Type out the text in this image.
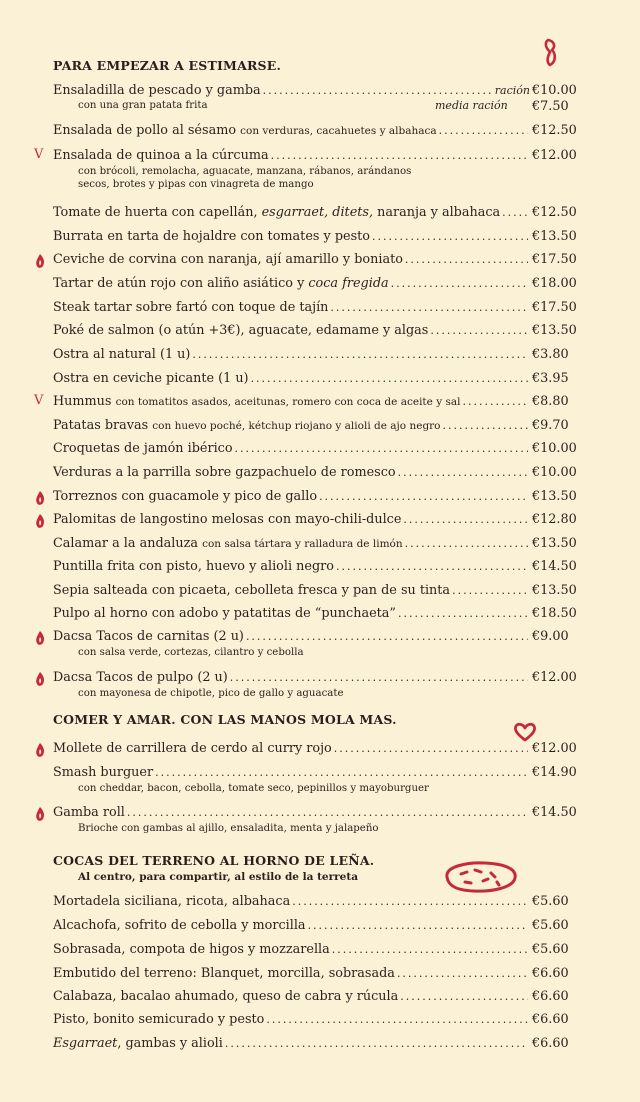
PARA EMPEZAR A ESTIMARSE.
Ensaladilla de pescado y gamba .....	ración €10.00
con una gran patata frita	media ración €7.50
Ensalada de pollo al sésamo con verduras, cacahuetes y albahaca .....	€12.50
V Ensalada de quinoa a la cúrcuma .....	€12.00
con brócoli, remolacha, aguacate, manzana, rábanos, arándanos
secos, brotes y pipas con vinagreta de mango
Tomate de huerta con capellán, esgarraet, ditets, naranja y albahaca ..... €12.50
Burrata en tarta de hojaldre con tomates y pesto .....	€13.50
Ceviche de corvina con naranja, ají amarillo y boniato .....	€17.50
Tartar de atún rojo con aliño asiático y coca fregida .....	€18.00
Steak tartar sobre fartó con toque de tajín .....	€17.50
Poké de salmon (o atún +3€), aguacate, edamame y algas .....	€13.50
Ostra al natural (1 u) .....	€3.80
Ostra en ceviche picante (1 u) .....	€3.95
V Hummus con tomatitos asados, aceitunas, romero con coca de aceite y sal .....	€8.80
Patatas bravas con huevo poché, kétchup riojano y alioli de ajo negro .....	€9.70
Croquetas de jamón ibérico .....	€10.00
Verduras a la parrilla sobre gazpachuelo de romesco .....	€10.00
Torreznos con guacamole y pico de gallo .....	€13.50
Palomitas de langostino melosas con mayo-chili-dulce .....	€12.80
Calamar a la andaluza con salsa tártara y ralladura de limón .....	€13.50
Puntilla frita con pisto, huevo y alioli negro .....	€14.50
Sepia salteada con picaeta, cebolleta fresca y pan de su tinta .....	€13.50
Pulpo al horno con adobo y patatitas de “punchaeta” .....	€18.50
Dacsa Tacos de carnitas (2 u) .....	€9.00
con salsa verde, cortezas, cilantro y cebolla
Dacsa Tacos de pulpo (2 u) .....	€12.00
con mayonesa de chipotle, pico de gallo y aguacate
COMER Y AMAR. CON LAS MANOS MOLA MAS.
Mollete de carrillera de cerdo al curry rojo .....	€12.00
Smash burguer .....	€14.90
con cheddar, bacon, cebolla, tomate seco, pepinillos y mayoburguer
Gamba roll .....	€14.50
Brioche con gambas al ajillo, ensaladita, menta y jalapeño
COCAS DEL TERRENO AL HORNO DE LEÑA.
Al centro, para compartir, al estilo de la terreta
Mortadela siciliana, ricota, albahaca .....	€5.60
Alcachofa, sofrito de cebolla y morcilla .....	€5.60
Sobrasada, compota de higos y mozzarella .....	€5.60
Embutido del terreno: Blanquet, morcilla, sobrasada .....	€6.60
Calabaza, bacalao ahumado, queso de cabra y rúcula .....	€6.60
Pisto, bonito semicurado y pesto .....	€6.60
Esgarraet, gambas y alioli .....	€6.60
